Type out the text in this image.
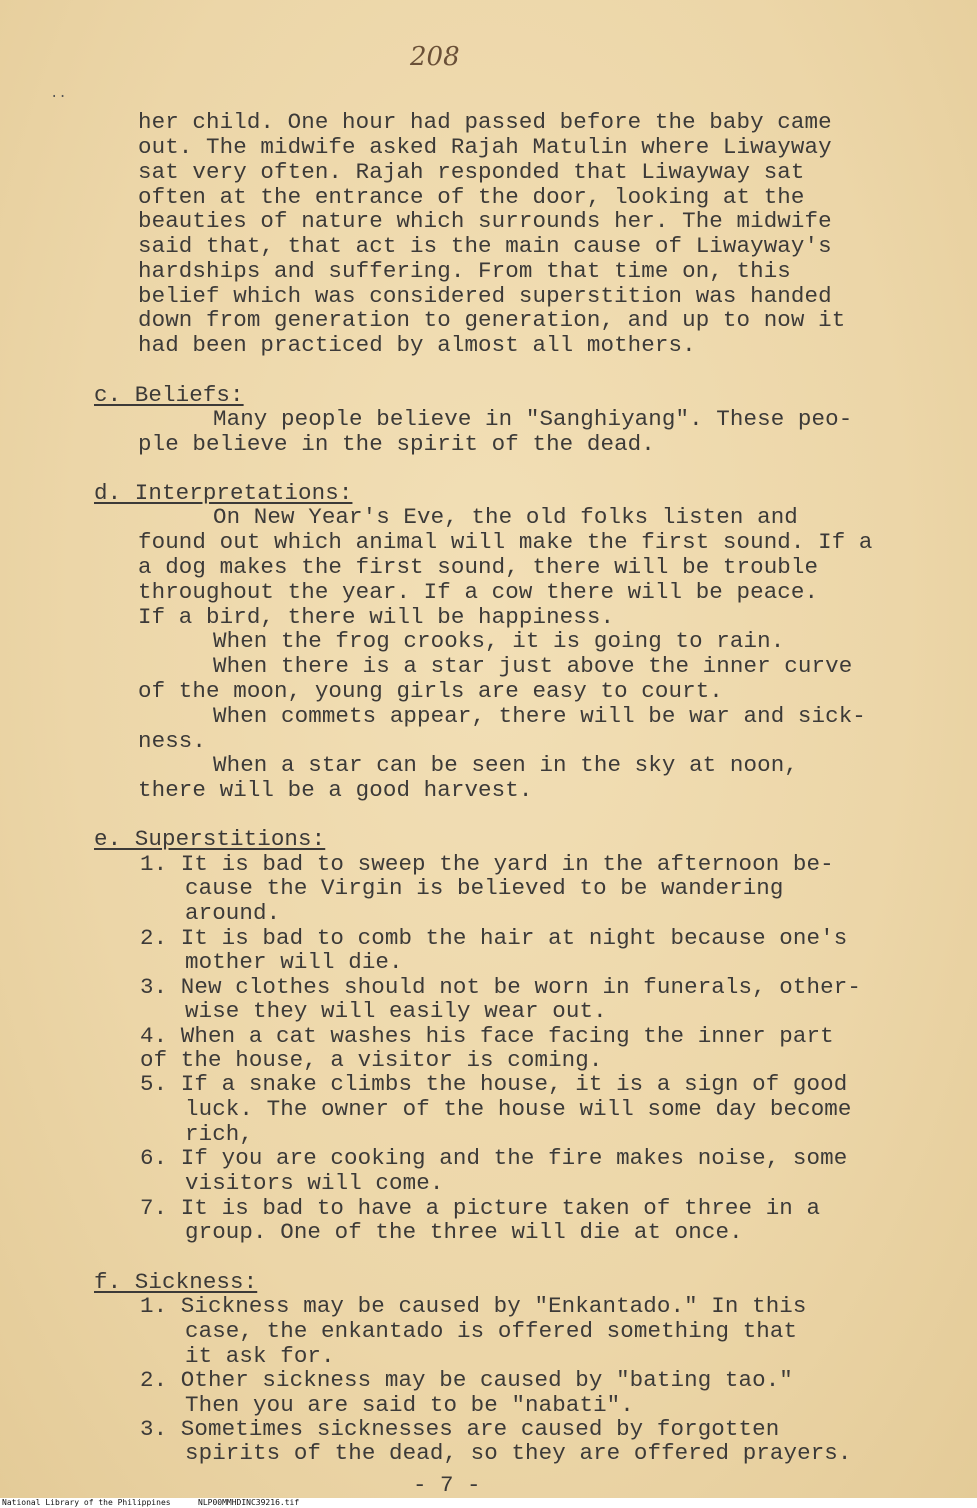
208
..
her child. One hour had passed before the baby came
out. The midwife asked Rajah Matulin where Liwayway
sat very often. Rajah responded that Liwayway sat
often at the entrance of the door, looking at the
beauties of nature which surrounds her. The midwife
said that, that act is the main cause of Liwayway's
hardships and suffering. From that time on, this
belief which was considered superstition was handed
down from generation to generation, and up to now it
had been practiced by almost all mothers.
c. Beliefs:
Many people believe in "Sanghiyang". These peo-
ple believe in the spirit of the dead.
d. Interpretations:
On New Year's Eve, the old folks listen and
found out which animal will make the first sound. If a
a dog makes the first sound, there will be trouble
throughout the year. If a cow there will be peace.
If a bird, there will be happiness.
When the frog crooks, it is going to rain.
When there is a star just above the inner curve
of the moon, young girls are easy to court.
When commets appear, there will be war and sick-
ness.
When a star can be seen in the sky at noon,
there will be a good harvest.
e. Superstitions:
1. It is bad to sweep the yard in the afternoon be-
cause the Virgin is believed to be wandering
around.
2. It is bad to comb the hair at night because one's
mother will die.
3. New clothes should not be worn in funerals, other-
wise they will easily wear out.
4. When a cat washes his face facing the inner part
of the house, a visitor is coming.
5. If a snake climbs the house, it is a sign of good
luck. The owner of the house will some day become
rich,
6. If you are cooking and the fire makes noise, some
visitors will come.
7. It is bad to have a picture taken of three in a
group. One of the three will die at once.
f. Sickness:
1. Sickness may be caused by "Enkantado." In this
case, the enkantado is offered something that
it ask for.
2. Other sickness may be caused by "bating tao."
Then you are said to be "nabati".
3. Sometimes sicknesses are caused by forgotten
spirits of the dead, so they are offered prayers.
- 7 -
National Library of the Philippines	NLP00MMHDINC39216.tif
